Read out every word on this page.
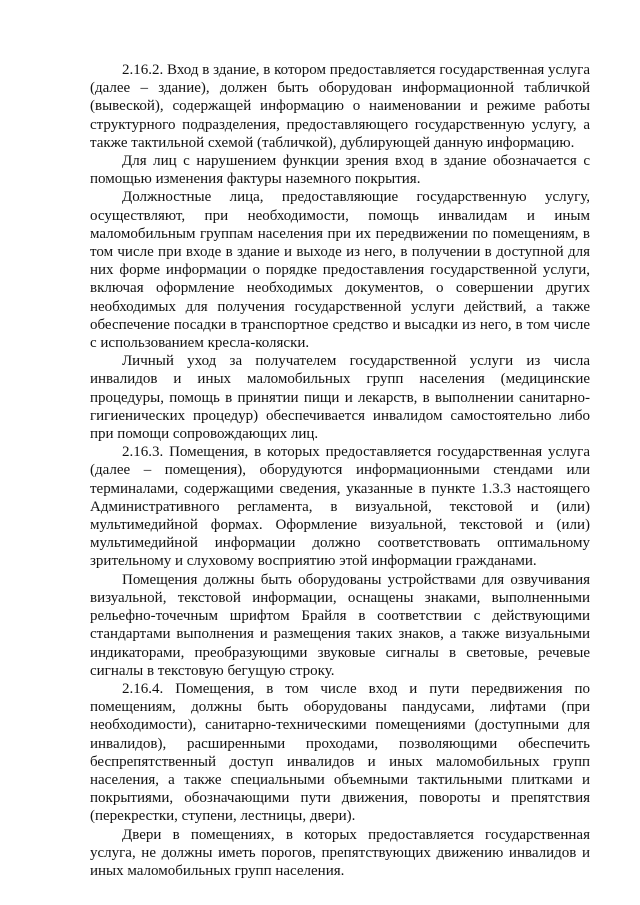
2.16.2. Вход в здание, в котором предоставляется государственная услуга (далее – здание), должен быть оборудован информационной табличкой (вывеской), содержащей информацию о наименовании и режиме работы структурного подразделения, предоставляющего государственную услугу, а также тактильной схемой (табличкой), дублирующей данную информацию.

Для лиц с нарушением функции зрения вход в здание обозначается с помощью изменения фактуры наземного покрытия.

Должностные лица, предоставляющие государственную услугу, осуществляют, при необходимости, помощь инвалидам и иным маломобильным группам населения при их передвижении по помещениям, в том числе при входе в здание и выходе из него, в получении в доступной для них форме информации о порядке предоставления государственной услуги, включая оформление необходимых документов, о совершении других необходимых для получения государственной услуги действий, а также обеспечение посадки в транспортное средство и высадки из него, в том числе с использованием кресла-коляски.

Личный уход за получателем государственной услуги из числа инвалидов и иных маломобильных групп населения (медицинские процедуры, помощь в принятии пищи и лекарств, в выполнении санитарно-гигиенических процедур) обеспечивается инвалидом самостоятельно либо при помощи сопровождающих лиц.

2.16.3. Помещения, в которых предоставляется государственная услуга (далее – помещения), оборудуются информационными стендами или терминалами, содержащими сведения, указанные в пункте 1.3.3 настоящего Административного регламента, в визуальной, текстовой и (или) мультимедийной формах. Оформление визуальной, текстовой и (или) мультимедийной информации должно соответствовать оптимальному зрительному и слуховому восприятию этой информации гражданами.

Помещения должны быть оборудованы устройствами для озвучивания визуальной, текстовой информации, оснащены знаками, выполненными рельефно-точечным шрифтом Брайля в соответствии с действующими стандартами выполнения и размещения таких знаков, а также визуальными индикаторами, преобразующими звуковые сигналы в световые, речевые сигналы в текстовую бегущую строку.

2.16.4. Помещения, в том числе вход и пути передвижения по помещениям, должны быть оборудованы пандусами, лифтами (при необходимости), санитарно-техническими помещениями (доступными для инвалидов), расширенными проходами, позволяющими обеспечить беспрепятственный доступ инвалидов и иных маломобильных групп населения, а также специальными объемными тактильными плитками и покрытиями, обозначающими пути движения, повороты и препятствия (перекрестки, ступени, лестницы, двери).

Двери в помещениях, в которых предоставляется государственная услуга, не должны иметь порогов, препятствующих движению инвалидов и иных маломобильных групп населения.
